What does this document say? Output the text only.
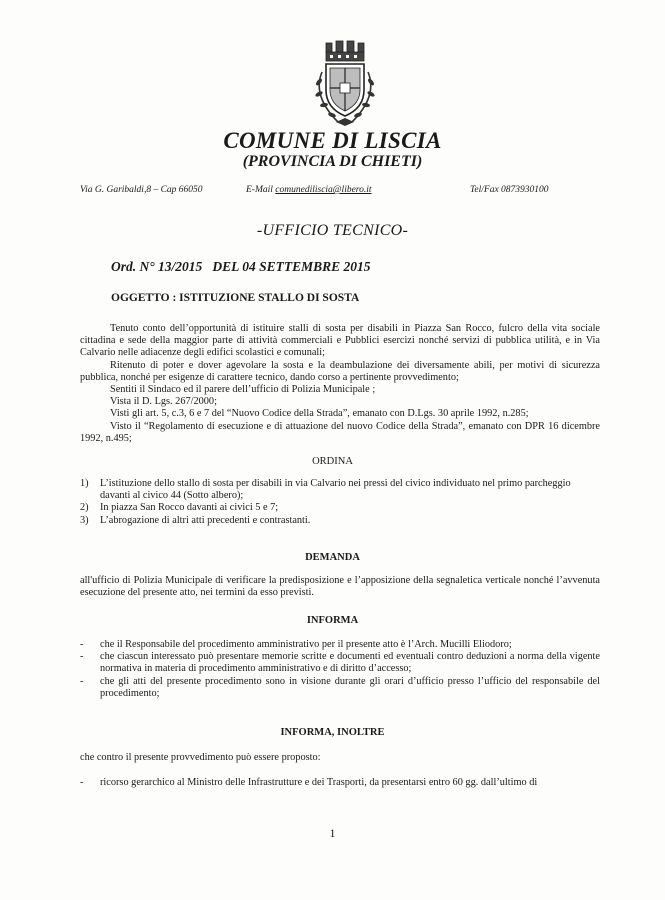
COMUNE DI LISCIA
(PROVINCIA DI CHIETI)
Via G. Garibaldi,8 – Cap 66050	E-Mail comunediliscia@libero.it	Tel/Fax 0873930100
-UFFICIO TECNICO-
Ord. N° 13/2015   DEL 04 SETTEMBRE 2015
OGGETTO : ISTITUZIONE STALLO DI SOSTA

Tenuto conto dell’opportunità di istituire stalli di sosta per disabili in Piazza San Rocco, fulcro della vita sociale cittadina e sede della maggior parte di attività commerciali e Pubblici esercizi nonché servizi di pubblica utilità, e in Via Calvario nelle adiacenze degli edifici scolastici e comunali;

Ritenuto di poter e dover agevolare la sosta e la deambulazione dei diversamente abili, per motivi di sicurezza pubblica, nonché per esigenze di carattere tecnico, dando corso a pertinente provvedimento;

Sentiti il Sindaco ed il parere dell’ufficio di Polizia Municipale ;

Vista il D. Lgs. 267/2000;

Visti gli art. 5, c.3, 6 e 7 del “Nuovo Codice della Strada”, emanato con D.Lgs. 30 aprile 1992, n.285;

Visto il “Regolamento di esecuzione e di attuazione del nuovo Codice della Strada”, emanato con DPR 16 dicembre 1992, n.495;

ORDINA
1) L’istituzione dello stallo di sosta per disabili in via Calvario nei pressi del civico individuato nel primo parcheggio davanti al civico 44 (Sotto albero);
2) In piazza San Rocco davanti ai civici 5 e 7;
3) L’abrogazione di altri atti precedenti e contrastanti.
DEMANDA
all'ufficio di Polizia Municipale di verificare la predisposizione e l’apposizione della segnaletica verticale nonché l’avvenuta esecuzione del presente atto, nei termini da esso previsti.
INFORMA
- che il Responsabile del procedimento amministrativo per il presente atto è l’Arch. Mucilli Eliodoro;
- che ciascun interessato può presentare memorie scritte e documenti ed eventuali contro deduzioni a norma della vigente normativa in materia di procedimento amministrativo e di diritto d’accesso;
- che gli atti del presente procedimento sono in visione durante gli orari d’ufficio presso l’ufficio del responsabile del procedimento;
INFORMA, INOLTRE
che contro il presente provvedimento può essere proposto:
- ricorso gerarchico al Ministro delle Infrastrutture e dei Trasporti, da presentarsi entro 60 gg. dall’ultimo di
1
